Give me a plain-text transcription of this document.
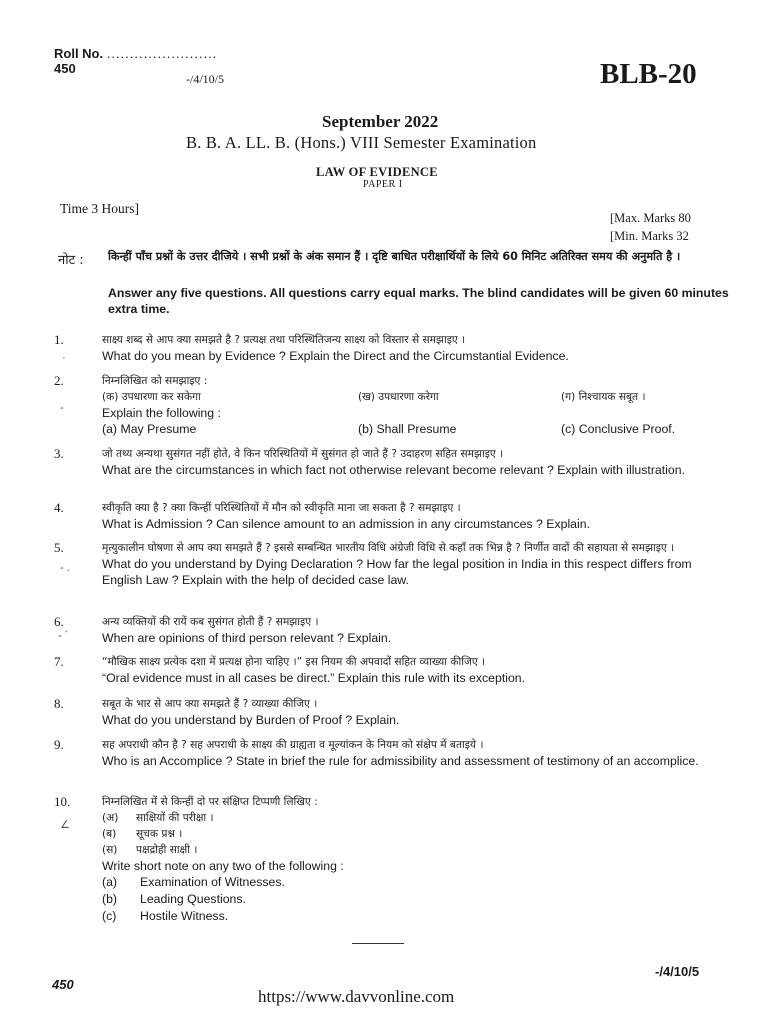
Roll No. ........................
450
-/4/10/5	BLB-20
September 2022
B. B. A. LL. B. (Hons.) VIII Semester Examination
LAW OF EVIDENCE
PAPER I
Time 3 Hours]
[Max. Marks 80
[Min. Marks 32
नोट : किन्हीं पाँच प्रश्नों के उत्तर दीजिये । सभी प्रश्नों के अंक समान हैं । दृष्टि बाधित परीक्षार्थियों के लिये 60 मिनिट अतिरिक्त समय की अनुमति है ।
Answer any five questions. All questions carry equal marks. The blind candidates will be given 60 minutes extra time.
1.	साक्ष्य शब्द से आप क्या समझते है ? प्रत्यक्ष तथा परिस्थितिजन्य साक्ष्य को विस्तार से समझाइए ।
What do you mean by Evidence ? Explain the Direct and the Circumstantial Evidence.
2.	निम्नलिखित को समझाइए :
(क) उपधारणा कर सकेगा	(ख) उपधारणा करेगा	(ग) निश्चायक सबूत ।
Explain the following :
(a) May Presume	(b) Shall Presume	(c) Conclusive Proof.
3.	जो तथ्य अन्यथा सुसंगत नहीं होते, वे किन परिस्थितियों में सुसंगत हो जाते हैं ? उदाहरण सहित समझाइए ।
What are the circumstances in which fact not otherwise relevant become relevant ? Explain with illustration.
4.	स्वीकृति क्या है ? क्या किन्हीं परिस्थितियों में मौन को स्वीकृति माना जा सकता है ? समझाइए ।
What is Admission ? Can silence amount to an admission in any circumstances ? Explain.
5.	मृत्युकालीन घोषणा से आप क्या समझते हैं ? इससे सम्बन्धित भारतीय विधि अंग्रेजी विधि से कहाँ तक भिन्न है ? निर्णीत वादों की सहायता से समझाइए ।
What do you understand by Dying Declaration ? How far the legal position in India in this respect differs from English Law ? Explain with the help of decided case law.
6.	अन्य व्यक्तियों की रायें कब सुसंगत होती हैं ? समझाइए ।
When are opinions of third person relevant ? Explain.
7.	“मौखिक साक्ष्य प्रत्येक दशा में प्रत्यक्ष होना चाहिए ।” इस नियम की अपवादों सहित व्याख्या कीजिए ।
“Oral evidence must in all cases be direct.” Explain this rule with its exception.
8.	सबूत के भार से आप क्या समझते हैं ? व्याख्या कीजिए ।
What do you understand by Burden of Proof ? Explain.
9.	सह अपराधी कौन है ? सह अपराधी के साक्ष्य की ग्राह्यता व मूल्यांकन के नियम को संक्षेप में बताइये ।
Who is an Accomplice ? State in brief the rule for admissibility and assessment of testimony of an accomplice.
10.	निम्नलिखित में से किन्हीं दो पर संक्षिप्त टिप्पणी लिखिए :
(अ) साक्षियों की परीक्षा ।
(ब) सूचक प्रश्न ।
(स) पक्षद्रोही साक्षी ।
Write short note on any two of the following :
(a) Examination of Witnesses.
(b) Leading Questions.
(c) Hostile Witness.
·
-
- .
- ´
∠
450
-/4/10/5
https://www.davvonline.com
